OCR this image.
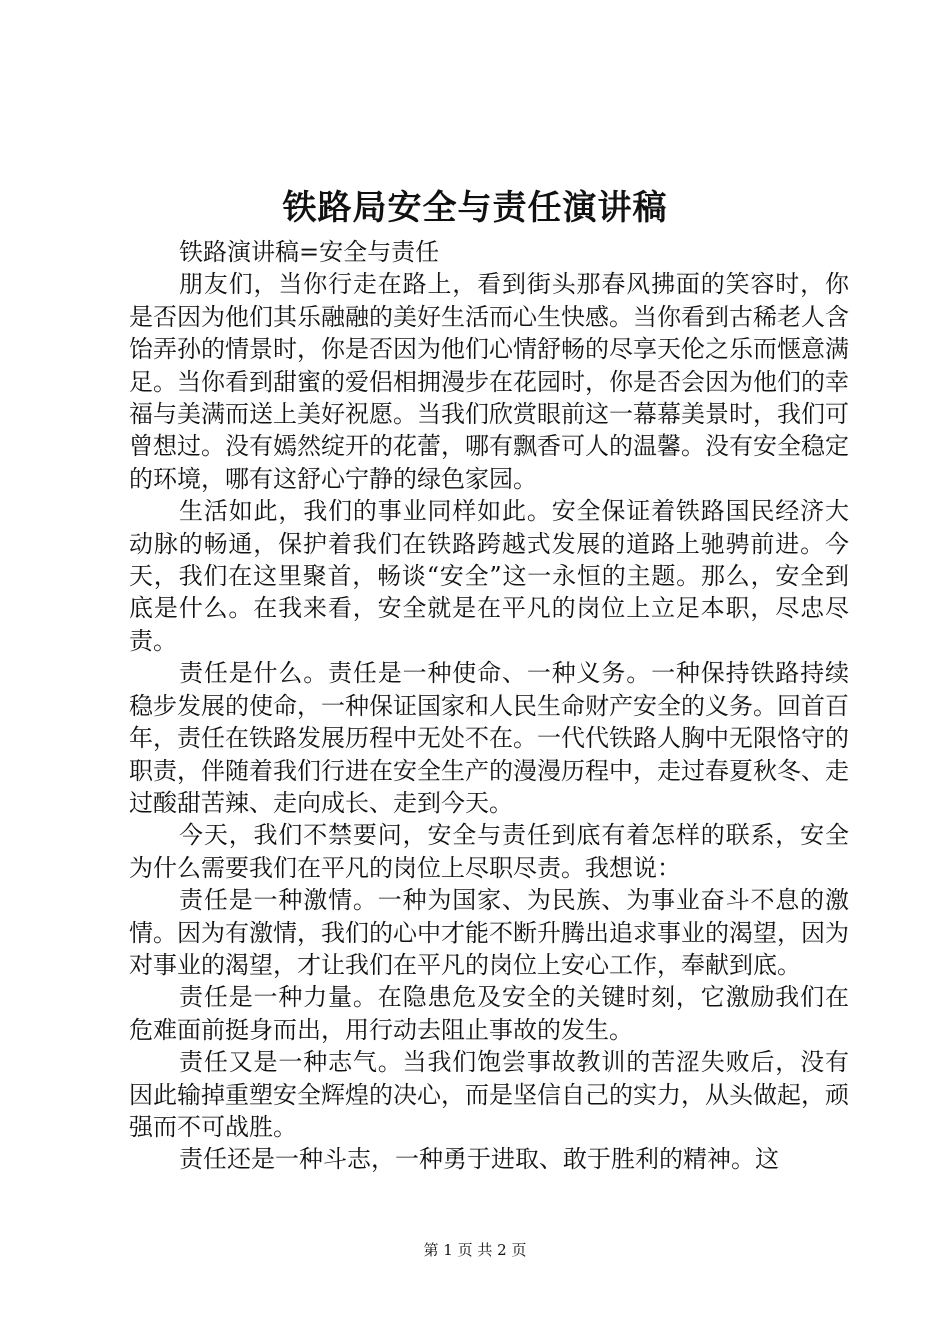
铁路局安全与责任演讲稿

铁路演讲稿=安全与责任

朋友们，当你行走在路上，看到街头那春风拂面的笑容时，你是否因为他们其乐融融的美好生活而心生快感。当你看到古稀老人含饴弄孙的情景时，你是否因为他们心情舒畅的尽享天伦之乐而惬意满足。当你看到甜蜜的爱侣相拥漫步在花园时，你是否会因为他们的幸福与美满而送上美好祝愿。当我们欣赏眼前这一幕幕美景时，我们可曾想过。没有嫣然绽开的花蕾，哪有飘香可人的温馨。没有安全稳定的环境，哪有这舒心宁静的绿色家园。

生活如此，我们的事业同样如此。安全保证着铁路国民经济大动脉的畅通，保护着我们在铁路跨越式发展的道路上驰骋前进。今天，我们在这里聚首，畅谈“安全”这一永恒的主题。那么，安全到底是什么。在我来看，安全就是在平凡的岗位上立足本职，尽忠尽责。

责任是什么。责任是一种使命、一种义务。一种保持铁路持续稳步发展的使命，一种保证国家和人民生命财产安全的义务。回首百年，责任在铁路发展历程中无处不在。一代代铁路人胸中无限恪守的职责，伴随着我们行进在安全生产的漫漫历程中，走过春夏秋冬、走过酸甜苦辣、走向成长、走到今天。

今天，我们不禁要问，安全与责任到底有着怎样的联系，安全为什么需要我们在平凡的岗位上尽职尽责。我想说：

责任是一种激情。一种为国家、为民族、为事业奋斗不息的激情。因为有激情，我们的心中才能不断升腾出追求事业的渴望，因为对事业的渴望，才让我们在平凡的岗位上安心工作，奉献到底。

责任是一种力量。在隐患危及安全的关键时刻，它激励我们在危难面前挺身而出，用行动去阻止事故的发生。

责任又是一种志气。当我们饱尝事故教训的苦涩失败后，没有因此输掉重塑安全辉煌的决心，而是坚信自己的实力，从头做起，顽强而不可战胜。

责任还是一种斗志，一种勇于进取、敢于胜利的精神。这

第 1 页 共 2 页
